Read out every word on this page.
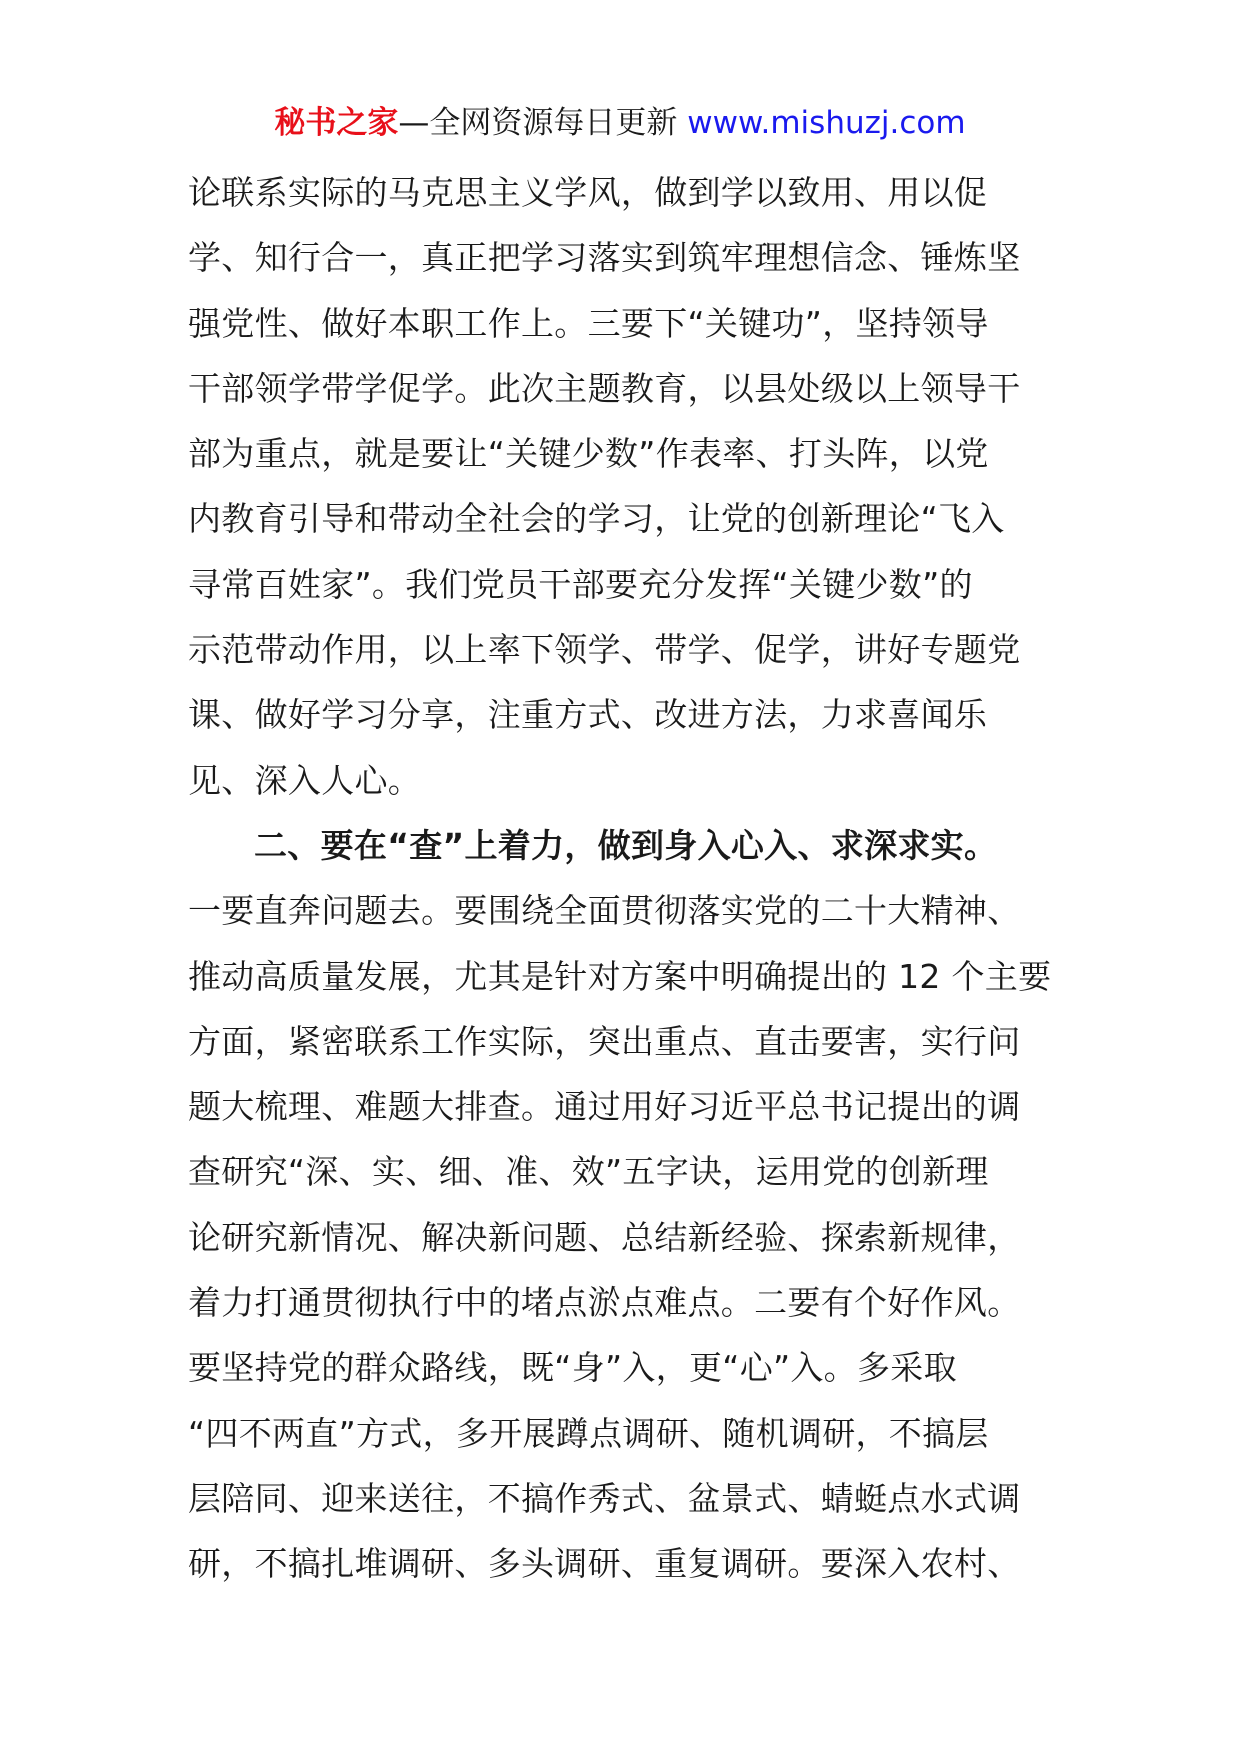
秘书之家—全网资源每日更新 www.mishuzj.com
论联系实际的马克思主义学风，做到学以致用、用以促
学、知行合一，真正把学习落实到筑牢理想信念、锤炼坚
强党性、做好本职工作上。三要下“关键功”，坚持领导
干部领学带学促学。此次主题教育，以县处级以上领导干
部为重点，就是要让“关键少数”作表率、打头阵，以党
内教育引导和带动全社会的学习，让党的创新理论“飞入
寻常百姓家”。我们党员干部要充分发挥“关键少数”的
示范带动作用，以上率下领学、带学、促学，讲好专题党
课、做好学习分享，注重方式、改进方法，力求喜闻乐
见、深入人心。
二、要在“查”上着力，做到身入心入、求深求实。
一要直奔问题去。要围绕全面贯彻落实党的二十大精神、
推动高质量发展，尤其是针对方案中明确提出的 12 个主要
方面，紧密联系工作实际，突出重点、直击要害，实行问
题大梳理、难题大排查。通过用好习近平总书记提出的调
查研究“深、实、细、准、效”五字诀，运用党的创新理
论研究新情况、解决新问题、总结新经验、探索新规律，
着力打通贯彻执行中的堵点淤点难点。二要有个好作风。
要坚持党的群众路线，既“身”入，更“心”入。多采取
“四不两直”方式，多开展蹲点调研、随机调研，不搞层
层陪同、迎来送往，不搞作秀式、盆景式、蜻蜓点水式调
研，不搞扎堆调研、多头调研、重复调研。要深入农村、
